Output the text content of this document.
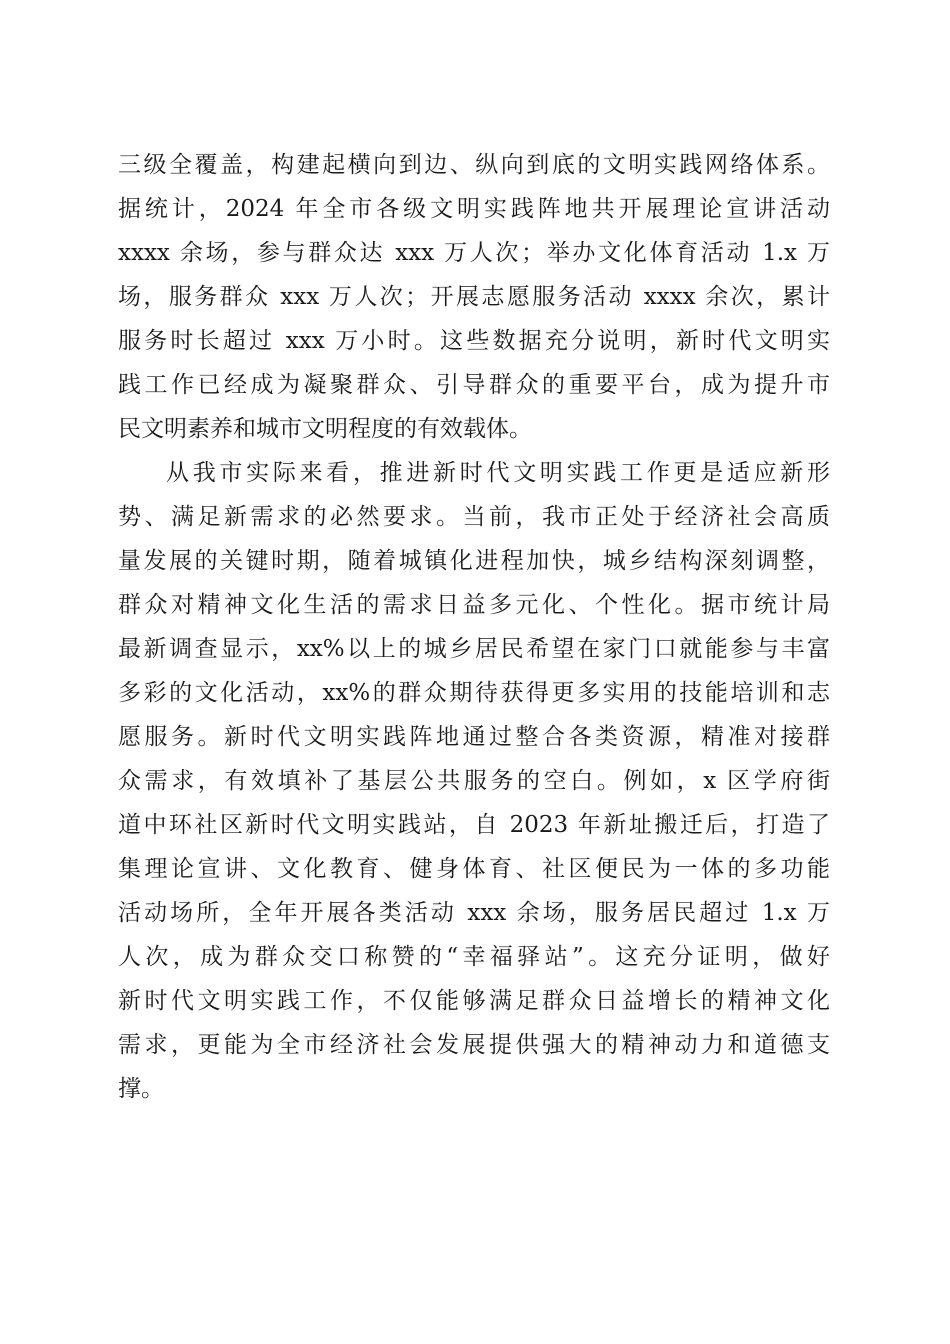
三级全覆盖，构建起横向到边、纵向到底的文明实践网络体系。
据统计，2024 年全市各级文明实践阵地共开展理论宣讲活动
xxxx 余场，参与群众达 xxx 万人次；举办文化体育活动 1.x 万
场，服务群众 xxx 万人次；开展志愿服务活动 xxxx 余次，累计
服务时长超过 xxx 万小时。这些数据充分说明，新时代文明实
践工作已经成为凝聚群众、引导群众的重要平台，成为提升市
民文明素养和城市文明程度的有效载体。
从我市实际来看，推进新时代文明实践工作更是适应新形
势、满足新需求的必然要求。当前，我市正处于经济社会高质
量发展的关键时期，随着城镇化进程加快，城乡结构深刻调整，
群众对精神文化生活的需求日益多元化、个性化。据市统计局
最新调查显示，xx%以上的城乡居民希望在家门口就能参与丰富
多彩的文化活动，xx%的群众期待获得更多实用的技能培训和志
愿服务。新时代文明实践阵地通过整合各类资源，精准对接群
众需求，有效填补了基层公共服务的空白。例如，x 区学府街
道中环社区新时代文明实践站，自 2023 年新址搬迁后，打造了
集理论宣讲、文化教育、健身体育、社区便民为一体的多功能
活动场所，全年开展各类活动 xxx 余场，服务居民超过 1.x 万
人次，成为群众交口称赞的“幸福驿站”。这充分证明，做好
新时代文明实践工作，不仅能够满足群众日益增长的精神文化
需求，更能为全市经济社会发展提供强大的精神动力和道德支
撑。
